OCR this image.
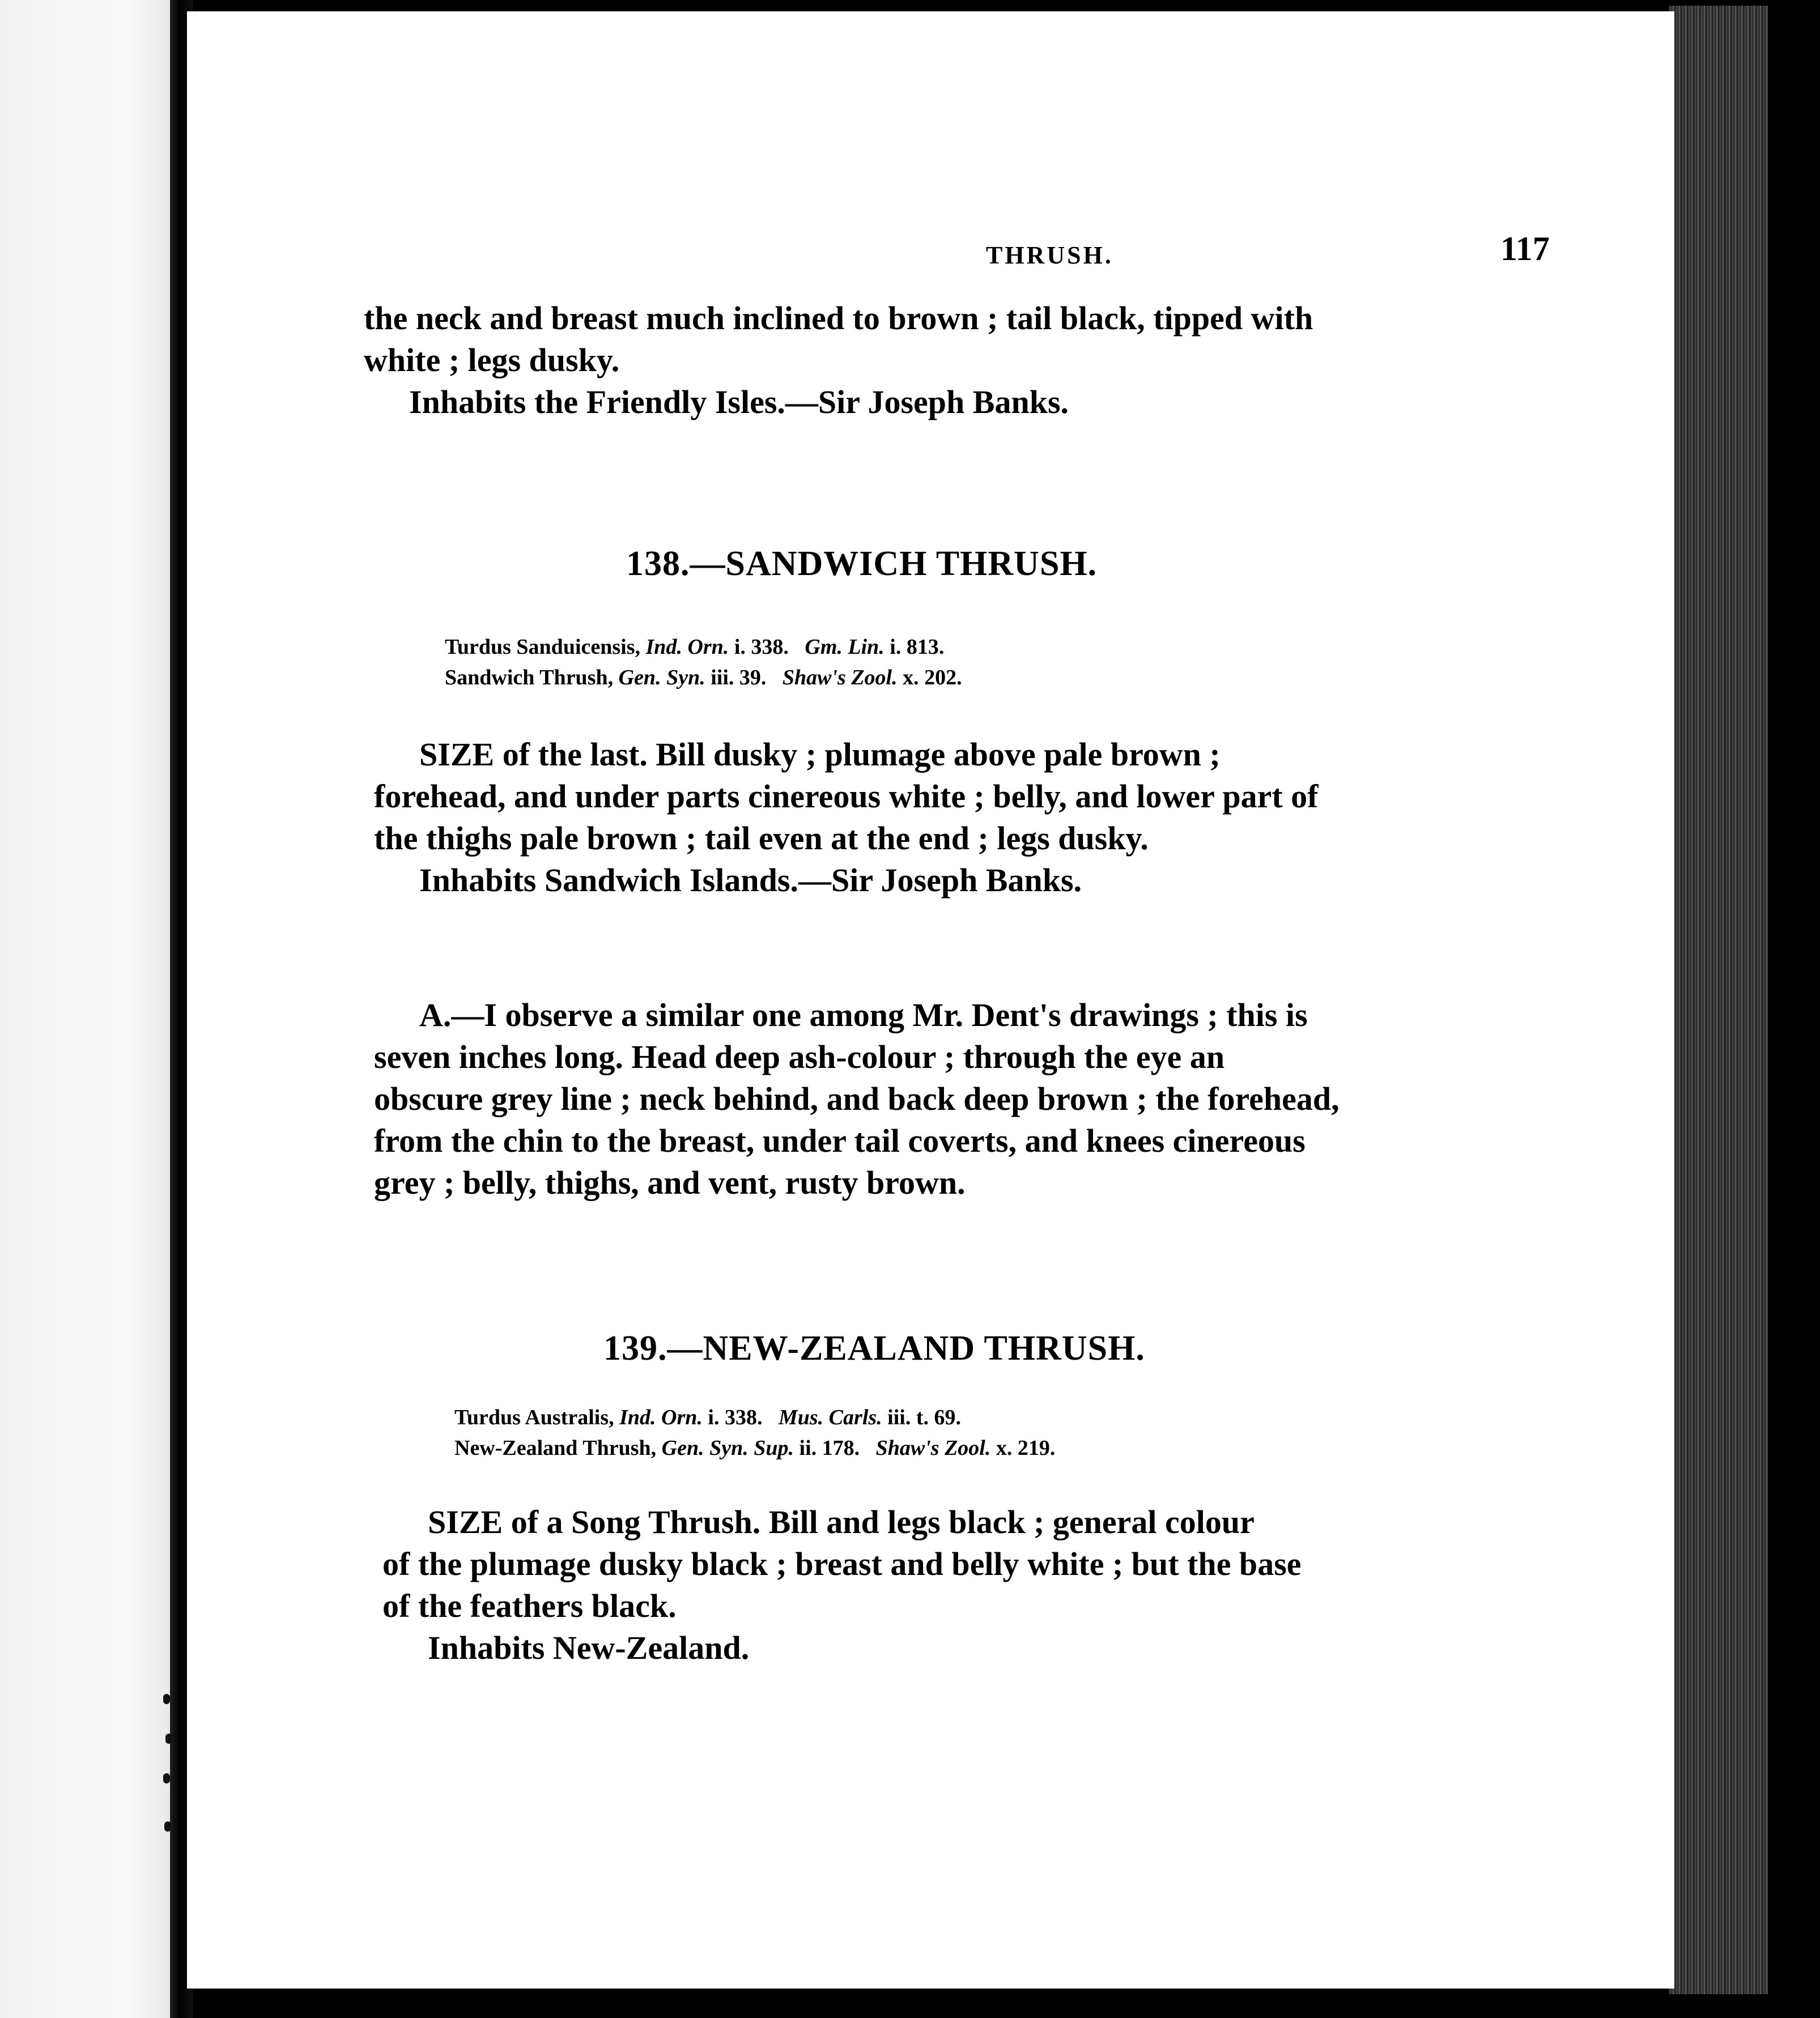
THRUSH.	117
the neck and breast much inclined to brown ; tail black, tipped with
white ; legs dusky.
Inhabits the Friendly Isles.—Sir Joseph Banks.
138.—SANDWICH THRUSH.
Turdus Sanduicensis, Ind. Orn. i. 338. Gm. Lin. i. 813.
Sandwich Thrush, Gen. Syn. iii. 39. Shaw's Zool. x. 202.
SIZE of the last. Bill dusky ; plumage above pale brown ;
forehead, and under parts cinereous white ; belly, and lower part of
the thighs pale brown ; tail even at the end ; legs dusky.
Inhabits Sandwich Islands.—Sir Joseph Banks.
A.—I observe a similar one among Mr. Dent's drawings ; this is
seven inches long. Head deep ash-colour ; through the eye an
obscure grey line ; neck behind, and back deep brown ; the forehead,
from the chin to the breast, under tail coverts, and knees cinereous
grey ; belly, thighs, and vent, rusty brown.
139.—NEW-ZEALAND THRUSH.
Turdus Australis, Ind. Orn. i. 338. Mus. Carls. iii. t. 69.
New-Zealand Thrush, Gen. Syn. Sup. ii. 178. Shaw's Zool. x. 219.
SIZE of a Song Thrush. Bill and legs black ; general colour
of the plumage dusky black ; breast and belly white ; but the base
of the feathers black.
Inhabits New-Zealand.
